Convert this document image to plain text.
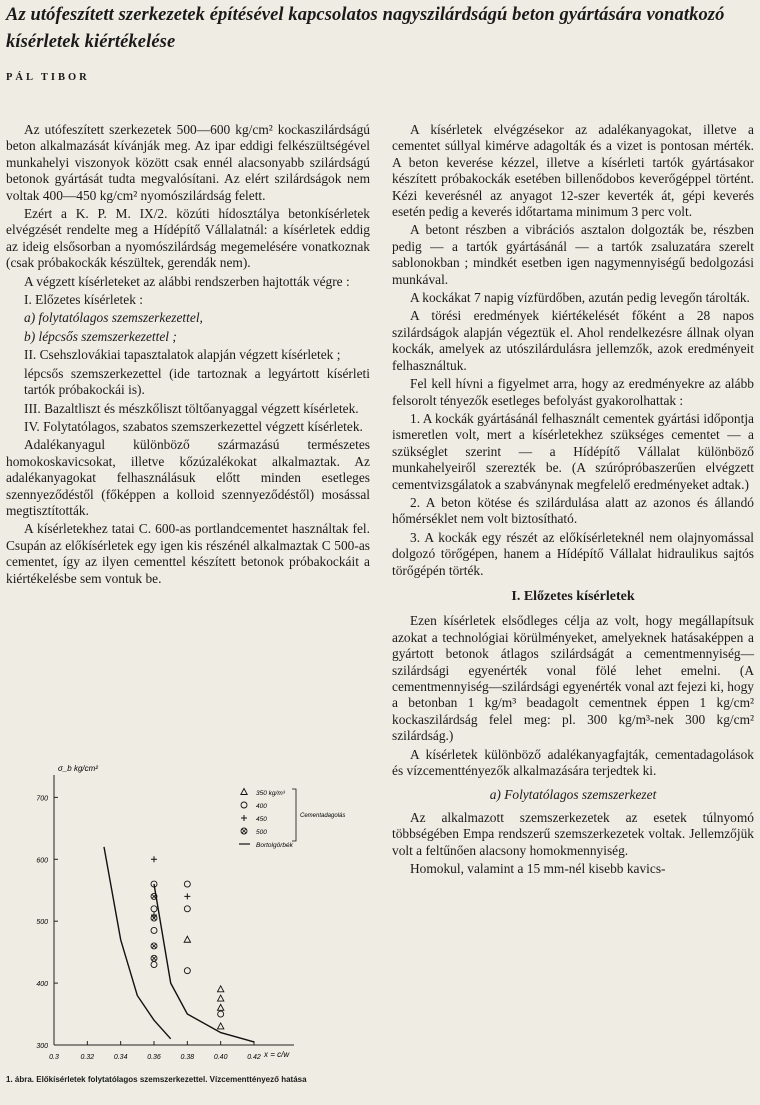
Az utófeszített szerkezetek építésével kapcsolatos nagyszilárdságú beton gyártására vonatkozó kísérletek kiértékelése
PÁL TIBOR

Az utófeszített szerkezetek 500—600 kg/cm² kockaszilárdságú beton alkalmazását kívánják meg. Az ipar eddigi felkészültségével munkahelyi viszonyok között csak ennél alacsonyabb szilárdságú betonok gyártását tudta megvalósítani. Az elért szilárdságok nem voltak 400—450 kg/cm² nyomószilárdság felett.

Ezért a K. P. M. IX/2. közúti hídosztálya betonkísérletek elvégzését rendelte meg a Hídépítő Vállalatnál: a kísérletek eddig az ideig elsősorban a nyomószilárdság megemelésére vonatkoznak (csak próbakockák készültek, gerendák nem).

A végzett kísérleteket az alábbi rendszerben hajtották végre :

I. Előzetes kísérletek :

a) folytatólagos szemszerkezettel,

b) lépcsős szemszerkezettel ;

II. Csehszlovákiai tapasztalatok alapján végzett kísérletek ;

lépcsős szemszerkezettel (ide tartoznak a legyártott kísérleti tartók próbakockái is).

III. Bazaltliszt és mészkőliszt töltőanyaggal végzett kísérletek.

IV. Folytatólagos, szabatos szemszerkezettel végzett kísérletek.

Adalékanyagul különböző származású természetes homokoskavicsokat, illetve kőzúzalékokat alkalmaztak. Az adalékanyagokat felhasználásuk előtt minden esetleges szennyeződéstől (főképpen a kolloid szennyeződéstől) mosással megtisztították.

A kísérletekhez tatai C. 600-as portlandcementet használtak fel. Csupán az előkísérletek egy igen kis részénél alkalmaztak C 500-as cementet, így az ilyen cementtel készített betonok próbakockáit a kiértékelésbe sem vontuk be.

0.3	0.32	0.34	0.36	0.38	0.40	0.42
300
400
500
600
700
σ_b kg/cm²
x = c/w
350 kg/m³
400
450
500
Bortolgörbék
Cementadagolás
1. ábra. Előkísérletek folytatólagos szemszerkezettel. Vízcementtényező hatása

A kísérletek elvégzésekor az adalékanyagokat, illetve a cementet súllyal kimérve adagolták és a vizet is pontosan mérték. A beton keverése kézzel, illetve a kísérleti tartók gyártásakor készített próbakockák esetében billenődobos keverőgéppel történt. Kézi keverésnél az anyagot 12-szer keverték át, gépi keverés esetén pedig a keverés időtartama minimum 3 perc volt.

A betont részben a vibrációs asztalon dolgozták be, részben pedig — a tartók gyártásánál — a tartók zsaluzatára szerelt sablonokban ; mindkét esetben igen nagymennyiségű bedolgozási munkával.

A kockákat 7 napig vízfürdőben, azután pedig levegőn tárolták.

A törési eredmények kiértékelését főként a 28 napos szilárdságok alapján végeztük el. Ahol rendelkezésre állnak olyan kockák, amelyek az utószilárdulásra jellemzők, azok eredményeit felhasználtuk.

Fel kell hívni a figyelmet arra, hogy az eredményekre az alább felsorolt tényezők esetleges befolyást gyakorolhattak :

1. A kockák gyártásánál felhasznált cementek gyártási időpontja ismeretlen volt, mert a kísérletekhez szükséges cementet — a szükséglet szerint — a Hídépítő Vállalat különböző munkahelyeiről szerezték be. (A szúrópróbaszerűen elvégzett cementvizsgálatok a szabványnak megfelelő eredményeket adtak.)

2. A beton kötése és szilárdulása alatt az azonos és állandó hőmérséklet nem volt biztosítható.

3. A kockák egy részét az előkísérleteknél nem olajnyomással dolgozó törőgépen, hanem a Hídépítő Vállalat hidraulikus sajtós törőgépén törték.

I. Előzetes kísérletek

Ezen kísérletek elsődleges célja az volt, hogy megállapítsuk azokat a technológiai körülményeket, amelyeknek hatásaképpen a gyártott betonok átlagos szilárdságát a cementmennyiség—szilárdsági egyenérték vonal fölé lehet emelni. (A cementmennyiség—szilárdsági egyenérték vonal azt fejezi ki, hogy a betonban 1 kg/m³ beadagolt cementnek éppen 1 kg/cm² kockaszilárdság felel meg: pl. 300 kg/m³-nek 300 kg/cm² szilárdság.)

A kísérletek különböző adalékanyagfajták, cementadagolások és vízcementtényezők alkalmazására terjedtek ki.

a) Folytatólagos szemszerkezet

Az alkalmazott szemszerkezetek az esetek túlnyomó többségében Empa rendszerű szemszerkezetek voltak. Jellemzőjük volt a feltűnően alacsony homokmennyiség.

Homokul, valamint a 15 mm-nél kisebb kavics-
